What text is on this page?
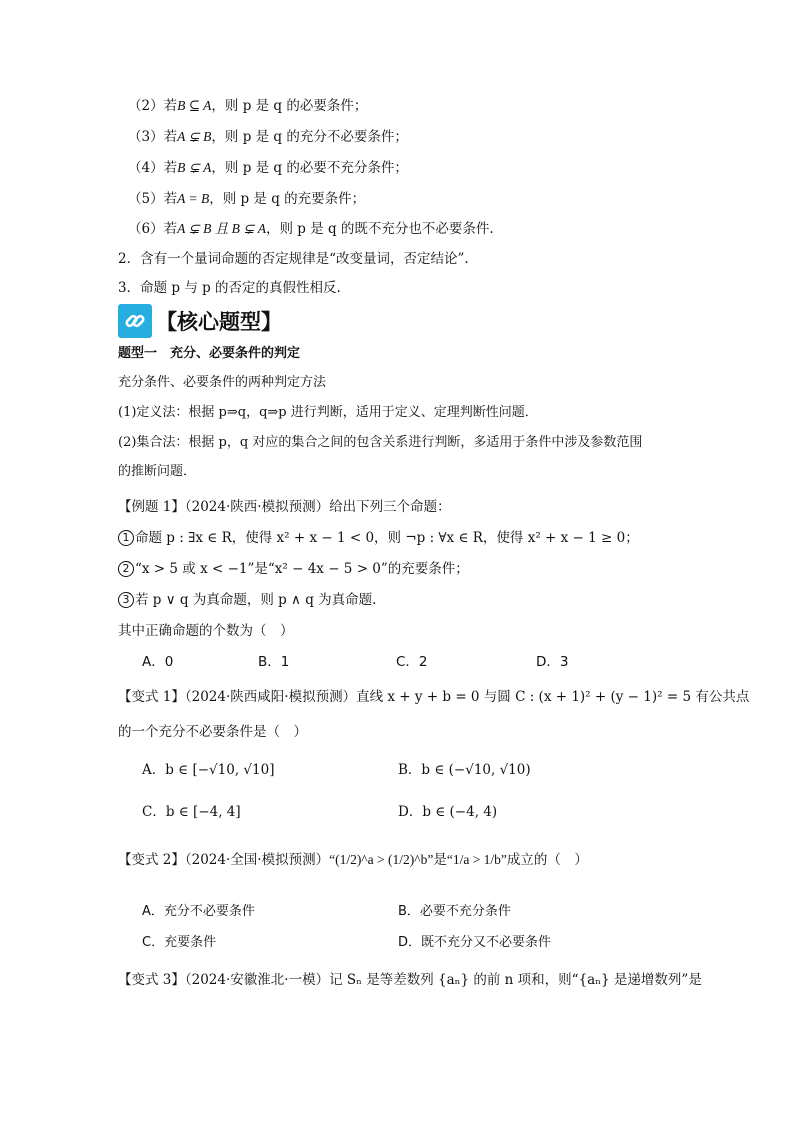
（2）若B ⊆ A，则 p 是 q 的必要条件；
（3）若A ⊊ B，则 p 是 q 的充分不必要条件；
（4）若B ⊊ A，则 p 是 q 的必要不充分条件；
（5）若A = B，则 p 是 q 的充要条件；
（6）若A ⊊ B 且 B ⊊ A，则 p 是 q 的既不充分也不必要条件.
2．含有一个量词命题的否定规律是“改变量词，否定结论”.
3．命题 p 与 p 的否定的真假性相反.
【核心题型】
题型一　充分、必要条件的判定
充分条件、必要条件的两种判定方法
(1)定义法：根据 p⇒q，q⇒p 进行判断，适用于定义、定理判断性问题．
(2)集合法：根据 p，q 对应的集合之间的包含关系进行判断，多适用于条件中涉及参数范围
的推断问题．
【例题 1】（2024·陕西·模拟预测）给出下列三个命题：
1 命题 p : ∃x ∈ R，使得 x² + x − 1 < 0，则 ¬p : ∀x ∈ R，使得 x² + x − 1 ≥ 0；
2 “x > 5 或 x < −1”是“x² − 4x − 5 > 0”的充要条件；
3 若 p ∨ q 为真命题，则 p ∧ q 为真命题.
其中正确命题的个数为（　）
A．0	B．1	C．2	D．3
【变式 1】（2024·陕西咸阳·模拟预测）直线 x + y + b = 0 与圆 C : (x + 1)² + (y − 1)² = 5 有公共点
的一个充分不必要条件是（　）
A．b ∈ [−√10, √10]	B．b ∈ (−√10, √10)
C．b ∈ [−4, 4]	D．b ∈ (−4, 4)
【变式 2】（2024·全国·模拟预测）“(1/2)^a > (1/2)^b”是“1/a > 1/b”成立的（　）
A．充分不必要条件	B．必要不充分条件
C．充要条件	D．既不充分又不必要条件
【变式 3】（2024·安徽淮北·一模）记 Sₙ 是等差数列 {aₙ} 的前 n 项和，则“{aₙ} 是递增数列”是
